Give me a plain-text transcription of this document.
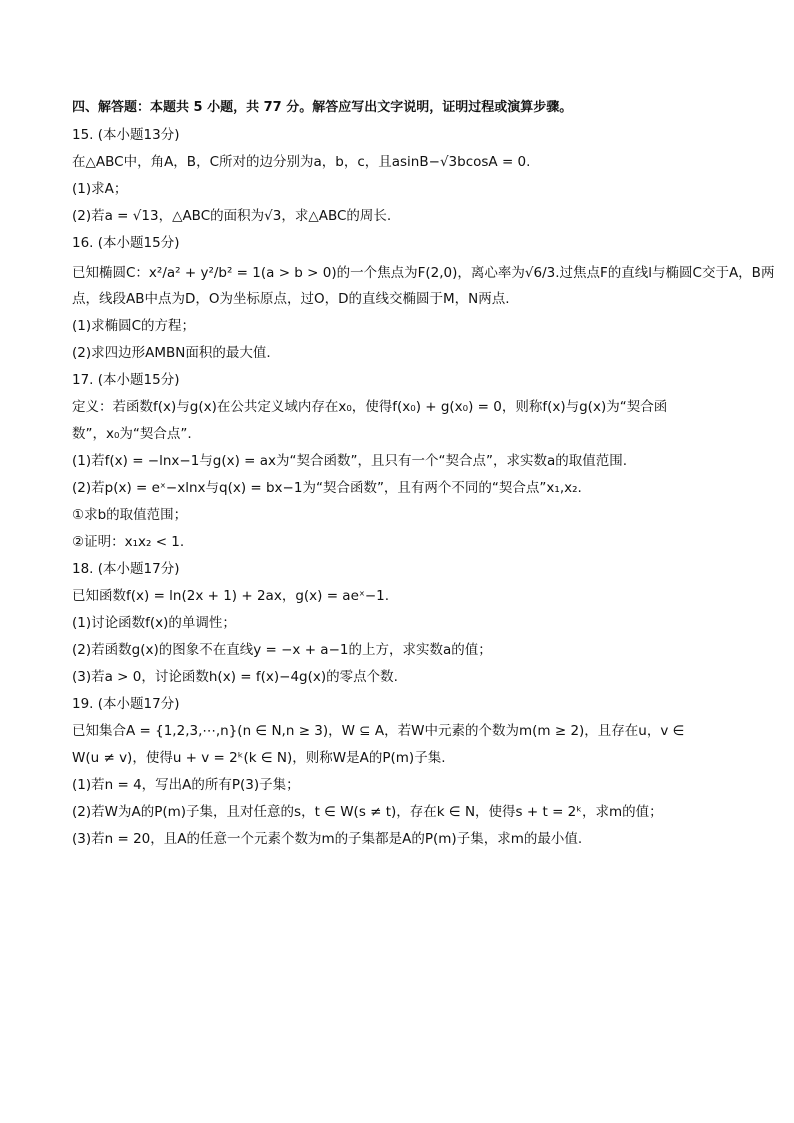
四、解答题：本题共 5 小题，共 77 分。解答应写出文字说明，证明过程或演算步骤。

15. (本小题13分)

在△ABC中，角A，B，C所对的边分别为a，b，c，且asinB−√3bcosA = 0.

(1)求A；

(2)若a = √13，△ABC的面积为√3，求△ABC的周长.

16. (本小题15分)

已知椭圆C：x²/a² + y²/b² = 1(a > b > 0)的一个焦点为F(2,0)，离心率为√6/3.过焦点F的直线l与椭圆C交于A，B两

点，线段AB中点为D，O为坐标原点，过O，D的直线交椭圆于M，N两点.

(1)求椭圆C的方程；

(2)求四边形AMBN面积的最大值.

17. (本小题15分)

定义：若函数f(x)与g(x)在公共定义域内存在x₀，使得f(x₀) + g(x₀) = 0，则称f(x)与g(x)为“契合函

数”，x₀为“契合点”.

(1)若f(x) = −lnx−1与g(x) = ax为“契合函数”，且只有一个“契合点”，求实数a的取值范围.

(2)若p(x) = eˣ−xlnx与q(x) = bx−1为“契合函数”，且有两个不同的“契合点”x₁,x₂.

①求b的取值范围；

②证明：x₁x₂ < 1.

18. (本小题17分)

已知函数f(x) = ln(2x + 1) + 2ax，g(x) = aeˣ−1.

(1)讨论函数f(x)的单调性；

(2)若函数g(x)的图象不在直线y = −x + a−1的上方，求实数a的值；

(3)若a > 0，讨论函数h(x) = f(x)−4g(x)的零点个数.

19. (本小题17分)

已知集合A = {1,2,3,⋯,n}(n ∈ N,n ≥ 3)，W ⊆ A，若W中元素的个数为m(m ≥ 2)，且存在u，v ∈

W(u ≠ v)，使得u + v = 2ᵏ(k ∈ N)，则称W是A的P(m)子集.

(1)若n = 4，写出A的所有P(3)子集；

(2)若W为A的P(m)子集，且对任意的s，t ∈ W(s ≠ t)，存在k ∈ N，使得s + t = 2ᵏ，求m的值；

(3)若n = 20，且A的任意一个元素个数为m的子集都是A的P(m)子集，求m的最小值.
